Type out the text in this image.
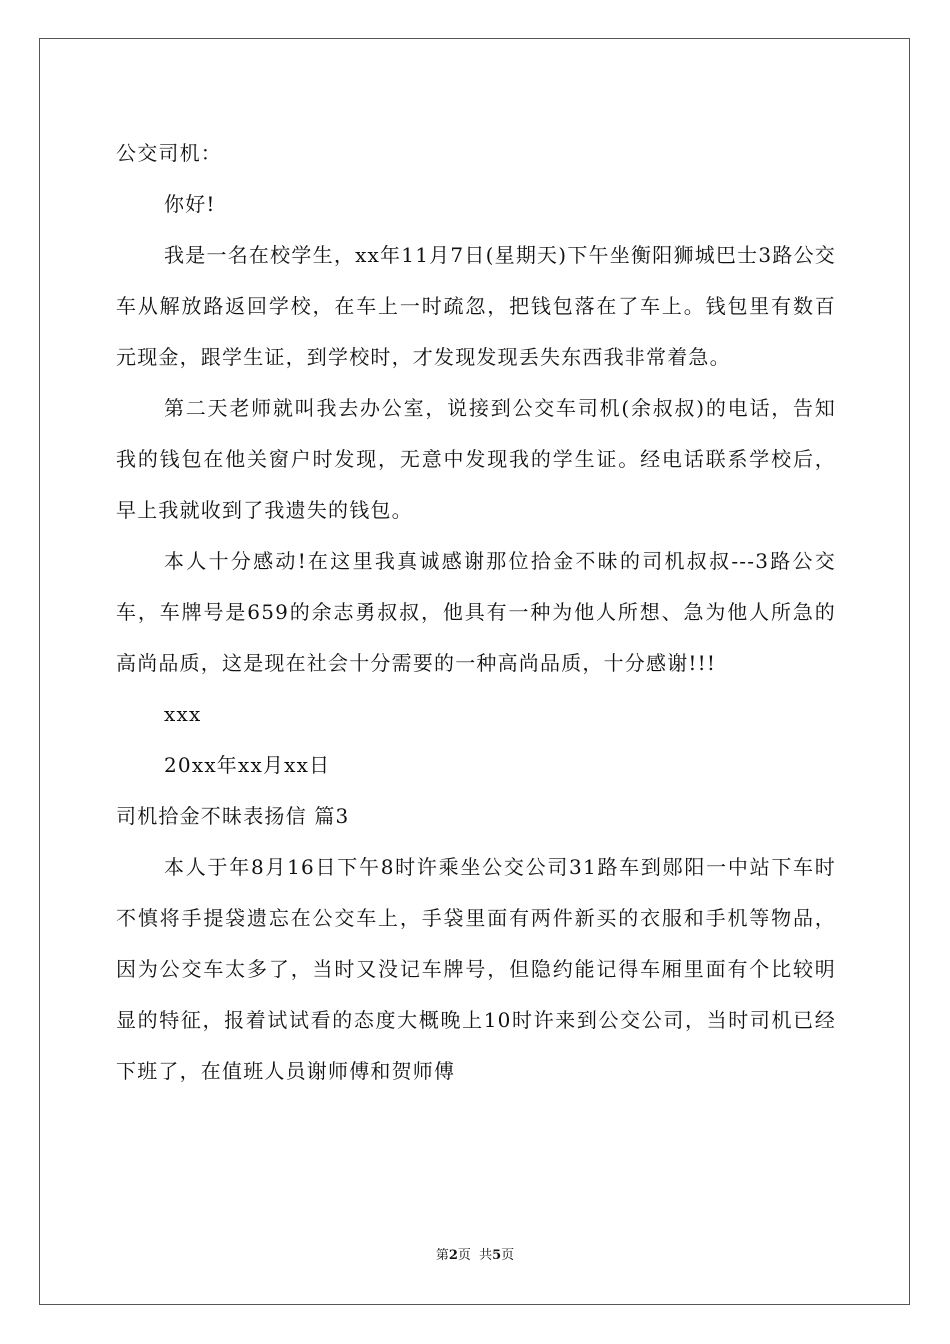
公交司机：

你好!

我是一名在校学生，xx年11月7日(星期天)下午坐衡阳狮城巴士3路公交车从解放路返回学校，在车上一时疏忽，把钱包落在了车上。钱包里有数百元现金，跟学生证，到学校时，才发现发现丢失东西我非常着急。

第二天老师就叫我去办公室，说接到公交车司机(余叔叔)的电话，告知我的钱包在他关窗户时发现，无意中发现我的学生证。经电话联系学校后，早上我就收到了我遗失的钱包。

本人十分感动!在这里我真诚感谢那位拾金不昧的司机叔叔---3路公交车，车牌号是659的余志勇叔叔，他具有一种为他人所想、急为他人所急的高尚品质，这是现在社会十分需要的一种高尚品质，十分感谢!!!

xxx

20xx年xx月xx日

司机拾金不昧表扬信 篇3

本人于年8月16日下午8时许乘坐公交公司31路车到郧阳一中站下车时不慎将手提袋遗忘在公交车上，手袋里面有两件新买的衣服和手机等物品，因为公交车太多了，当时又没记车牌号，但隐约能记得车厢里面有个比较明显的特征，报着试试看的态度大概晚上10时许来到公交公司，当时司机已经下班了，在值班人员谢师傅和贺师傅

第2页 共5页
